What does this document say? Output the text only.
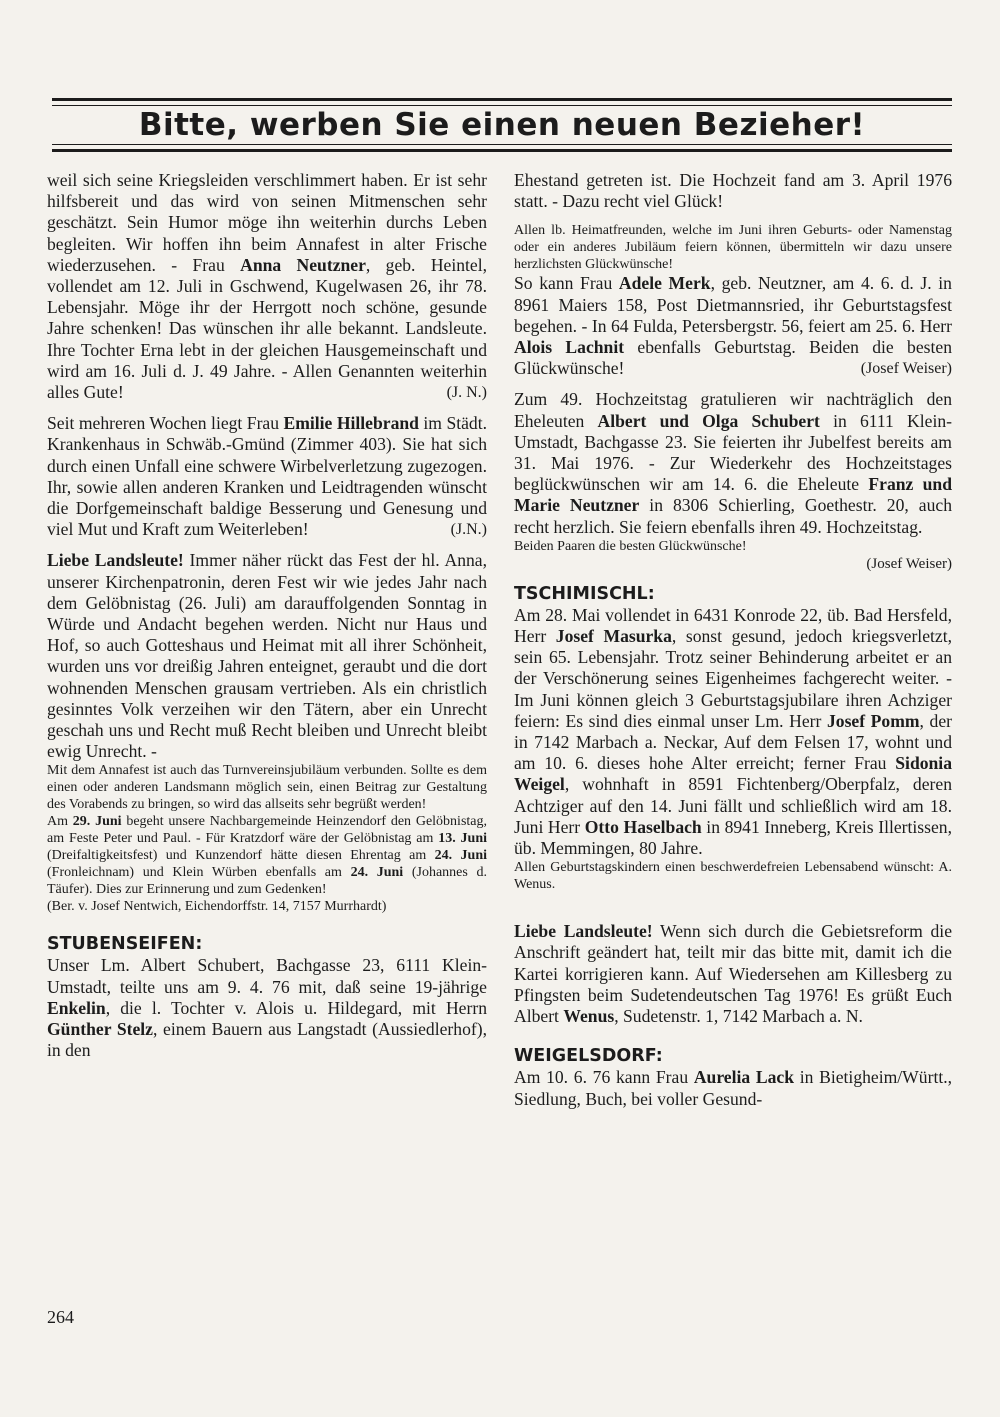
Bitte, werben Sie einen neuen Bezieher!

weil sich seine Kriegsleiden verschlimmert haben. Er ist sehr hilfsbereit und das wird von seinen Mitmenschen sehr geschätzt. Sein Humor möge ihn weiterhin durchs Leben begleiten. Wir hoffen ihn beim Annafest in alter Frische wiederzusehen. - Frau Anna Neutzner, geb. Heintel, vollendet am 12. Juli in Gschwend, Kugelwasen 26, ihr 78. Lebensjahr. Möge ihr der Herrgott noch schöne, gesunde Jahre schenken! Das wünschen ihr alle bekannt. Landsleute. Ihre Tochter Erna lebt in der gleichen Hausgemeinschaft und wird am 16. Juli d. J. 49 Jahre. - Allen Genannten weiterhin alles Gute!	(J. N.)

Seit mehreren Wochen liegt Frau Emilie Hillebrand im Städt. Krankenhaus in Schwäb.-Gmünd (Zimmer 403). Sie hat sich durch einen Unfall eine schwere Wirbelverletzung zugezogen. Ihr, sowie allen anderen Kranken und Leidtragenden wünscht die Dorfgemeinschaft baldige Besserung und Genesung und viel Mut und Kraft zum Weiterleben!	(J.N.)

Liebe Landsleute! Immer näher rückt das Fest der hl. Anna, unserer Kirchenpatronin, deren Fest wir wie jedes Jahr nach dem Gelöbnistag (26. Juli) am darauffolgenden Sonntag in Würde und Andacht begehen werden. Nicht nur Haus und Hof, so auch Gotteshaus und Heimat mit all ihrer Schönheit, wurden uns vor dreißig Jahren enteignet, geraubt und die dort wohnenden Menschen grausam vertrieben. Als ein christlich gesinntes Volk verzeihen wir den Tätern, aber ein Unrecht geschah uns und Recht muß Recht bleiben und Unrecht bleibt ewig Unrecht. -

Mit dem Annafest ist auch das Turnvereinsjubiläum verbunden. Sollte es dem einen oder anderen Landsmann möglich sein, einen Beitrag zur Gestaltung des Vorabends zu bringen, so wird das allseits sehr begrüßt werden!

Am 29. Juni begeht unsere Nachbargemeinde Heinzendorf den Gelöbnistag, am Feste Peter und Paul. - Für Kratzdorf wäre der Gelöbnistag am 13. Juni (Dreifaltigkeitsfest) und Kunzendorf hätte diesen Ehrentag am 24. Juni (Fronleichnam) und Klein Würben ebenfalls am 24. Juni (Johannes d. Täufer). Dies zur Erinnerung und zum Gedenken!

(Ber. v. Josef Nentwich, Eichendorffstr. 14, 7157 Murrhardt)

STUBENSEIFEN:

Unser Lm. Albert Schubert, Bachgasse 23, 6111 Klein-Umstadt, teilte uns am 9. 4. 76 mit, daß seine 19-jährige Enkelin, die l. Tochter v. Alois u. Hildegard, mit Herrn Günther Stelz, einem Bauern aus Langstadt (Aussiedlerhof), in den

Ehestand getreten ist. Die Hochzeit fand am 3. April 1976 statt. - Dazu recht viel Glück!

Allen lb. Heimatfreunden, welche im Juni ihren Geburts- oder Namenstag oder ein anderes Jubiläum feiern können, übermitteln wir dazu unsere herzlichsten Glückwünsche!

So kann Frau Adele Merk, geb. Neutzner, am 4. 6. d. J. in 8961 Maiers 158, Post Dietmannsried, ihr Geburtstagsfest begehen. - In 64 Fulda, Petersbergstr. 56, feiert am 25. 6. Herr Alois Lachnit ebenfalls Geburtstag. Beiden die besten Glückwünsche!	(Josef Weiser)

Zum 49. Hochzeitstag gratulieren wir nachträglich den Eheleuten Albert und Olga Schubert in 6111 Klein-Umstadt, Bachgasse 23. Sie feierten ihr Jubelfest bereits am 31. Mai 1976. - Zur Wiederkehr des Hochzeitstages beglückwünschen wir am 14. 6. die Eheleute Franz und Marie Neutzner in 8306 Schierling, Goethestr. 20, auch recht herzlich. Sie feiern ebenfalls ihren 49. Hochzeitstag.

Beiden Paaren die besten Glückwünsche!

(Josef Weiser)
TSCHIMISCHL:

Am 28. Mai vollendet in 6431 Konrode 22, üb. Bad Hersfeld, Herr Josef Masurka, sonst gesund, jedoch kriegsverletzt, sein 65. Lebensjahr. Trotz seiner Behinderung arbeitet er an der Verschönerung seines Eigenheimes fachgerecht weiter. - Im Juni können gleich 3 Geburtstagsjubilare ihren Achziger feiern: Es sind dies einmal unser Lm. Herr Josef Pomm, der in 7142 Marbach a. Neckar, Auf dem Felsen 17, wohnt und am 10. 6. dieses hohe Alter erreicht; ferner Frau Sidonia Weigel, wohnhaft in 8591 Fichtenberg/Oberpfalz, deren Achtziger auf den 14. Juni fällt und schließlich wird am 18. Juni Herr Otto Haselbach in 8941 Inneberg, Kreis Illertissen, üb. Memmingen, 80 Jahre.

Allen Geburtstagskindern einen beschwerdefreien Lebensabend wünscht: A. Wenus.

Liebe Landsleute! Wenn sich durch die Gebietsreform die Anschrift geändert hat, teilt mir das bitte mit, damit ich die Kartei korrigieren kann. Auf Wiedersehen am Killesberg zu Pfingsten beim Sudetendeutschen Tag 1976! Es grüßt Euch Albert Wenus, Sudetenstr. 1, 7142 Marbach a. N.

WEIGELSDORF:

Am 10. 6. 76 kann Frau Aurelia Lack in Bietigheim/Württ., Siedlung, Buch, bei voller Gesund-

264
